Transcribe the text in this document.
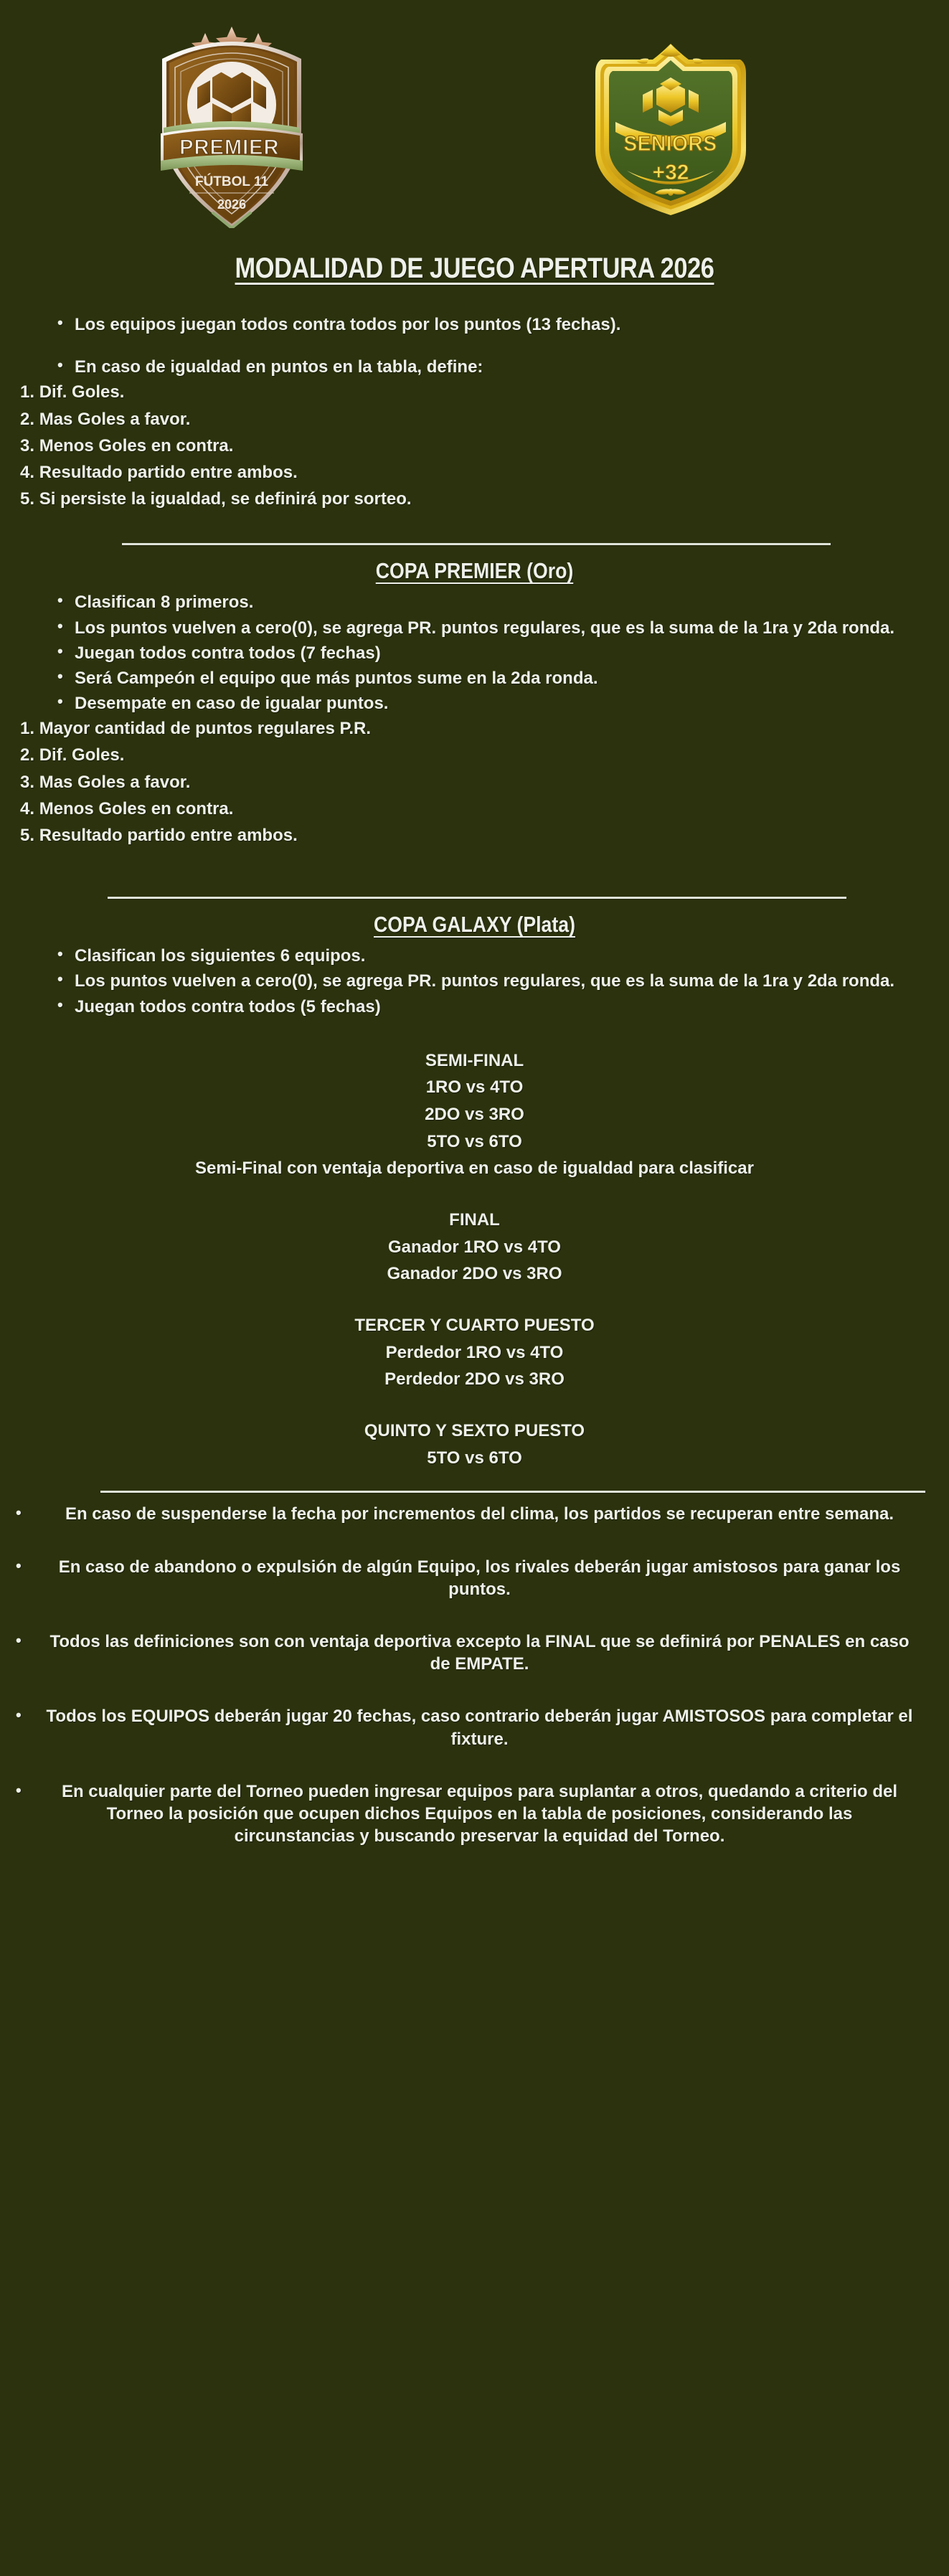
PREMIER
FÚTBOL 11
2026
SENIORS
+32
MODALIDAD DE JUEGO APERTURA 2026
• Los equipos juegan todos contra todos por los puntos (13 fechas).
• En caso de igualdad en puntos en la tabla, define:
Dif. Goles.
Mas Goles a favor.
Menos Goles en contra.
Resultado partido entre ambos.
Si persiste la igualdad, se definirá por sorteo.
COPA PREMIER (Oro)
• Clasifican 8 primeros.
• Los puntos vuelven a cero(0), se agrega PR. puntos regulares, que es la suma de la 1ra y 2da ronda.
• Juegan todos contra todos (7 fechas)
• Será Campeón el equipo que más puntos sume en la 2da ronda.
• Desempate en caso de igualar puntos.
Mayor cantidad de puntos regulares P.R.
Dif. Goles.
Mas Goles a favor.
Menos Goles en contra.
Resultado partido entre ambos.
COPA GALAXY (Plata)
• Clasifican los siguientes 6 equipos.
• Los puntos vuelven a cero(0), se agrega PR. puntos regulares, que es la suma de la 1ra y 2da ronda.
• Juegan todos contra todos (5 fechas)
SEMI-FINAL
1RO vs 4TO
2DO vs 3RO
5TO vs 6TO
Semi-Final con ventaja deportiva en caso de igualdad para clasificar
FINAL
Ganador 1RO vs 4TO
Ganador 2DO vs 3RO
TERCER Y CUARTO PUESTO
Perdedor 1RO vs 4TO
Perdedor 2DO vs 3RO
QUINTO Y SEXTO PUESTO
5TO vs 6TO
• En caso de suspenderse la fecha por incrementos del clima, los partidos se recuperan entre semana.
• En caso de abandono o expulsión de algún Equipo, los rivales deberán jugar amistosos para ganar los puntos.
• Todos las definiciones son con ventaja deportiva excepto la FINAL que se definirá por PENALES en caso de EMPATE.
• Todos los EQUIPOS deberán jugar 20 fechas, caso contrario deberán jugar AMISTOSOS para completar el fixture.
• En cualquier parte del Torneo pueden ingresar equipos para suplantar a otros, quedando a criterio del Torneo la posición que ocupen dichos Equipos en la tabla de posiciones, considerando las circunstancias y buscando preservar la equidad del Torneo.
